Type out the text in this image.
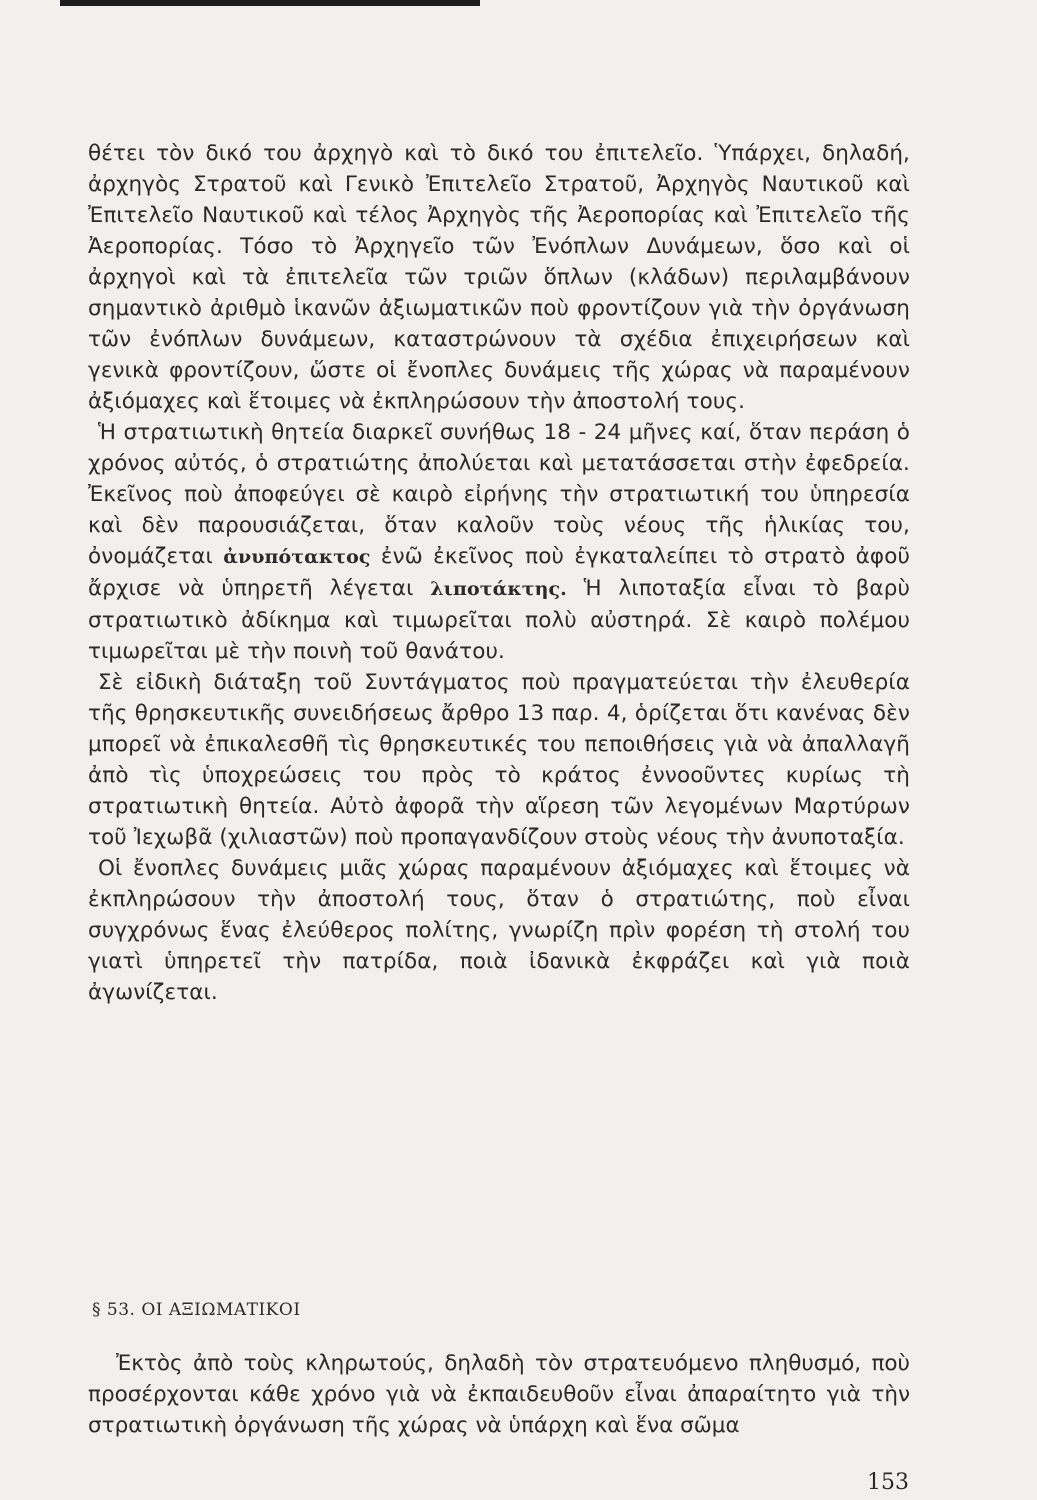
θέτει τὸν δικό του ἀρχηγὸ καὶ τὸ δικό του ἐπιτελεῖο. Ὑπάρχει, δηλαδή, ἀρχηγὸς Στρατοῦ καὶ Γενικὸ Ἐπιτελεῖο Στρατοῦ, Ἀρχηγὸς Ναυτικοῦ καὶ Ἐπιτελεῖο Ναυτικοῦ καὶ τέλος Ἀρχηγὸς τῆς Ἀεροπορίας καὶ Ἐπιτελεῖο τῆς Ἀεροπορίας. Τόσο τὸ Ἀρχηγεῖο τῶν Ἐνόπλων Δυνάμεων, ὅσο καὶ οἱ ἀρχηγοὶ καὶ τὰ ἐπιτελεῖα τῶν τριῶν ὅπλων (κλάδων) περιλαμβάνουν σημαντικὸ ἀριθμὸ ἱκανῶν ἀξιωματικῶν ποὺ φροντίζουν γιὰ τὴν ὀργάνωση τῶν ἐνόπλων δυνάμεων, καταστρώνουν τὰ σχέδια ἐπιχειρήσεων καὶ γενικὰ φροντίζουν, ὥστε οἱ ἔνοπλες δυνάμεις τῆς χώρας νὰ παραμένουν ἀξιόμαχες καὶ ἕτοιμες νὰ ἐκπληρώσουν τὴν ἀποστολή τους.

Ἡ στρατιωτικὴ θητεία διαρκεῖ συνήθως 18 - 24 μῆνες καί, ὅταν περάση ὁ χρόνος αὐτός, ὁ στρατιώτης ἀπολύεται καὶ μετατάσσεται στὴν ἐφεδρεία. Ἐκεῖνος ποὺ ἀποφεύγει σὲ καιρὸ εἰρήνης τὴν στρατιωτική του ὑπηρεσία καὶ δὲν παρουσιάζεται, ὅταν καλοῦν τοὺς νέους τῆς ἡλικίας του, ὀνομάζεται ἀνυπότακτος ἐνῶ ἐκεῖνος ποὺ ἐγκαταλείπει τὸ στρατὸ ἀφοῦ ἄρχισε νὰ ὑπηρετῆ λέγεται λιποτάκτης. Ἡ λιποταξία εἶναι τὸ βαρὺ στρατιωτικὸ ἀδίκημα καὶ τιμωρεῖται πολὺ αὐστηρά. Σὲ καιρὸ πολέμου τιμωρεῖται μὲ τὴν ποινὴ τοῦ θανάτου.

Σὲ εἰδικὴ διάταξη τοῦ Συντάγματος ποὺ πραγματεύεται τὴν ἐλευθερία τῆς θρησκευτικῆς συνειδήσεως ἄρθρο 13 παρ. 4, ὁρίζεται ὅτι κανένας δὲν μπορεῖ νὰ ἐπικαλεσθῆ τὶς θρησκευτικές του πεποιθήσεις γιὰ νὰ ἀπαλλαγῆ ἀπὸ τὶς ὑποχρεώσεις του πρὸς τὸ κράτος ἐννοοῦντες κυρίως τὴ στρατιωτικὴ θητεία. Αὐτὸ ἀφορᾶ τὴν αἵρεση τῶν λεγομένων Μαρτύρων τοῦ Ἰεχωβᾶ (χιλιαστῶν) ποὺ προπαγανδίζουν στοὺς νέους τὴν ἀνυποταξία.

Οἱ ἔνοπλες δυνάμεις μιᾶς χώρας παραμένουν ἀξιόμαχες καὶ ἕτοιμες νὰ ἐκπληρώσουν τὴν ἀποστολή τους, ὅταν ὁ στρατιώτης, ποὺ εἶναι συγχρόνως ἕνας ἐλεύθερος πολίτης, γνωρίζη πρὶν φορέση τὴ στολή του γιατὶ ὑπηρετεῖ τὴν πατρίδα, ποιὰ ἰδανικὰ ἐκφράζει καὶ γιὰ ποιὰ ἀγωνίζεται.

§ 53. ΟΙ ΑΞΙΩΜΑΤΙΚΟΙ

Ἐκτὸς ἀπὸ τοὺς κληρωτούς, δηλαδὴ τὸν στρατευόμενο πληθυσμό, ποὺ προσέρχονται κάθε χρόνο γιὰ νὰ ἐκπαιδευθοῦν εἶναι ἀπαραίτητο γιὰ τὴν στρατιωτικὴ ὀργάνωση τῆς χώρας νὰ ὑπάρχη καὶ ἕνα σῶμα

153
